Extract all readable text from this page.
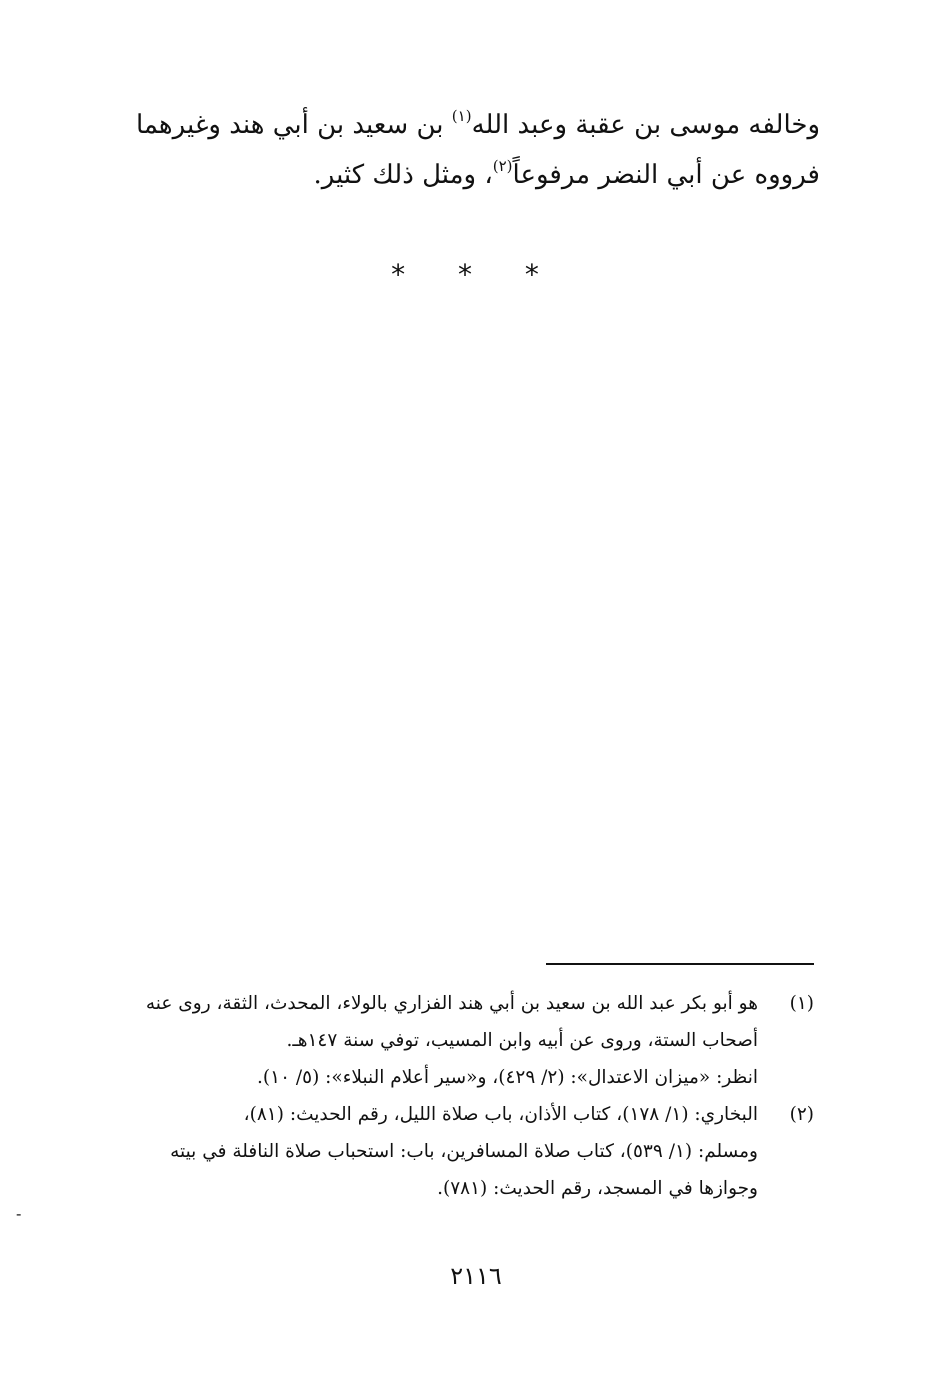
وخالفه موسى بن عقبة وعبد الله$^{(١)}$ بن سعيد بن أبي هند وغيرهما

فرووه عن أبي النضر مرفوعاً$^{(٢)}$، ومثل ذلك كثير.

* * *
(١)
هو أبو بكر عبد الله بن سعيد بن أبي هند الفزاري بالولاء، المحدث، الثقة، روى عنه
أصحاب الستة، وروى عن أبيه وابن المسيب، توفي سنة ١٤٧هـ.
انظر: «ميزان الاعتدال»: (٢/ ٤٢٩)، و«سير أعلام النبلاء»: (٥/ ١٠).
(٢)
البخاري: (١/ ١٧٨)، كتاب الأذان، باب صلاة الليل، رقم الحديث: (٨١)،
ومسلم: (١/ ٥٣٩)، كتاب صلاة المسافرين، باب: استحباب صلاة النافلة في بيته
وجوازها في المسجد، رقم الحديث: (٧٨١).
٢١١٦
-
